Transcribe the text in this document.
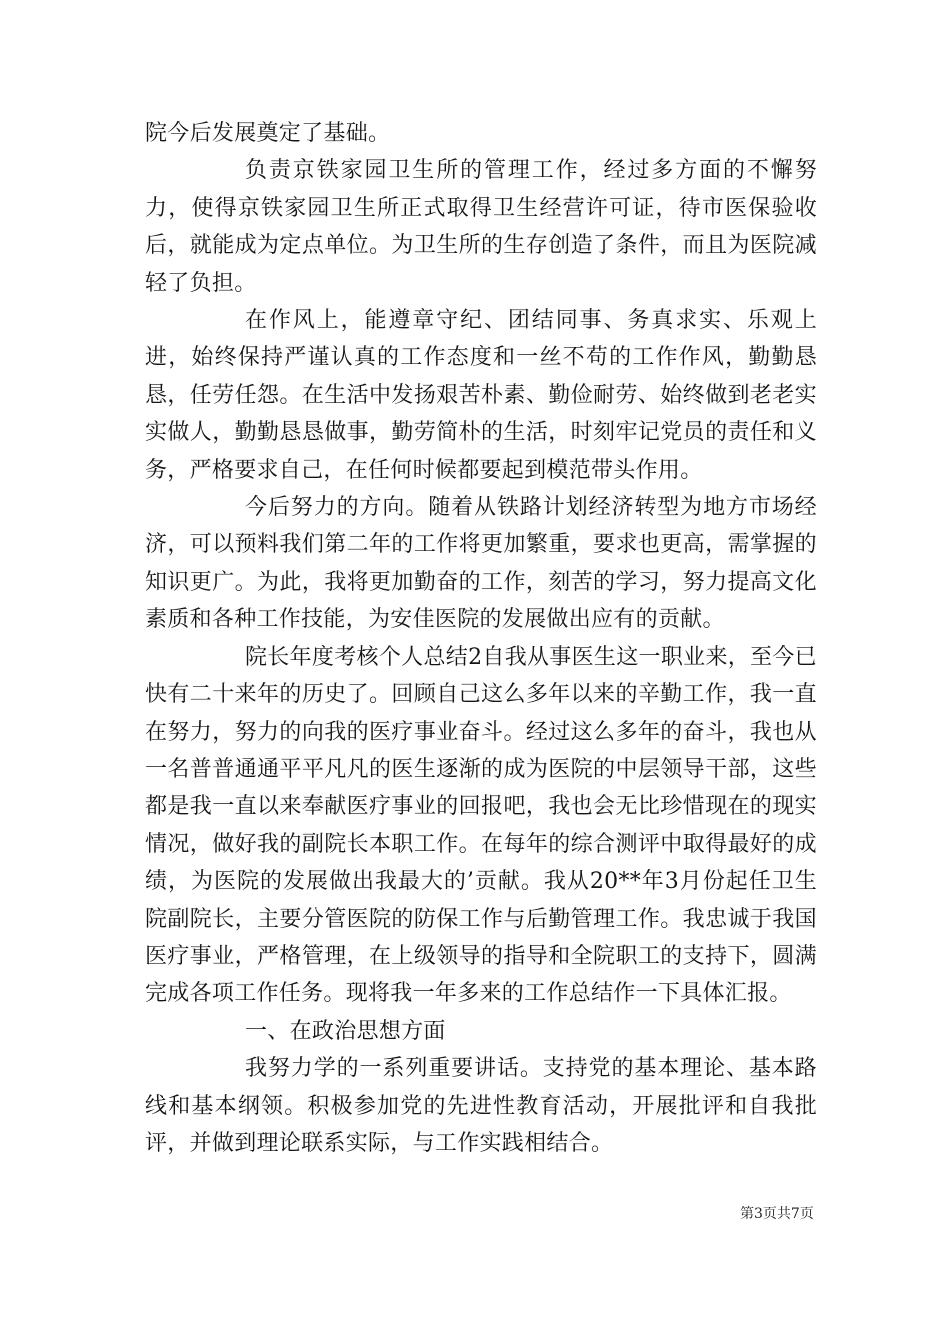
院今后发展奠定了基础。

负责京铁家园卫生所的管理工作，经过多方面的不懈努力，使得京铁家园卫生所正式取得卫生经营许可证，待市医保验收后，就能成为定点单位。为卫生所的生存创造了条件，而且为医院减轻了负担。

在作风上，能遵章守纪、团结同事、务真求实、乐观上进，始终保持严谨认真的工作态度和一丝不苟的工作作风，勤勤恳恳，任劳任怨。在生活中发扬艰苦朴素、勤俭耐劳、始终做到老老实实做人，勤勤恳恳做事，勤劳简朴的生活，时刻牢记党员的责任和义务，严格要求自己，在任何时候都要起到模范带头作用。

今后努力的方向。随着从铁路计划经济转型为地方市场经济，可以预料我们第二年的工作将更加繁重，要求也更高，需掌握的知识更广。为此，我将更加勤奋的工作，刻苦的学习，努力提高文化素质和各种工作技能，为安佳医院的发展做出应有的贡献。

院长年度考核个人总结2自我从事医生这一职业来，至今已快有二十来年的历史了。回顾自己这么多年以来的辛勤工作，我一直在努力，努力的向我的医疗事业奋斗。经过这么多年的奋斗，我也从一名普普通通平平凡凡的医生逐渐的成为医院的中层领导干部，这些都是我一直以来奉献医疗事业的回报吧，我也会无比珍惜现在的现实情况，做好我的副院长本职工作。在每年的综合测评中取得最好的成绩，为医院的发展做出我最大的’贡献。我从20**年3月份起任卫生院副院长，主要分管医院的防保工作与后勤管理工作。我忠诚于我国医疗事业，严格管理，在上级领导的指导和全院职工的支持下，圆满完成各项工作任务。现将我一年多来的工作总结作一下具体汇报。

一、在政治思想方面

我努力学的一系列重要讲话。支持党的基本理论、基本路线和基本纲领。积极参加党的先进性教育活动，开展批评和自我批评，并做到理论联系实际，与工作实践相结合。

第3页共7页
